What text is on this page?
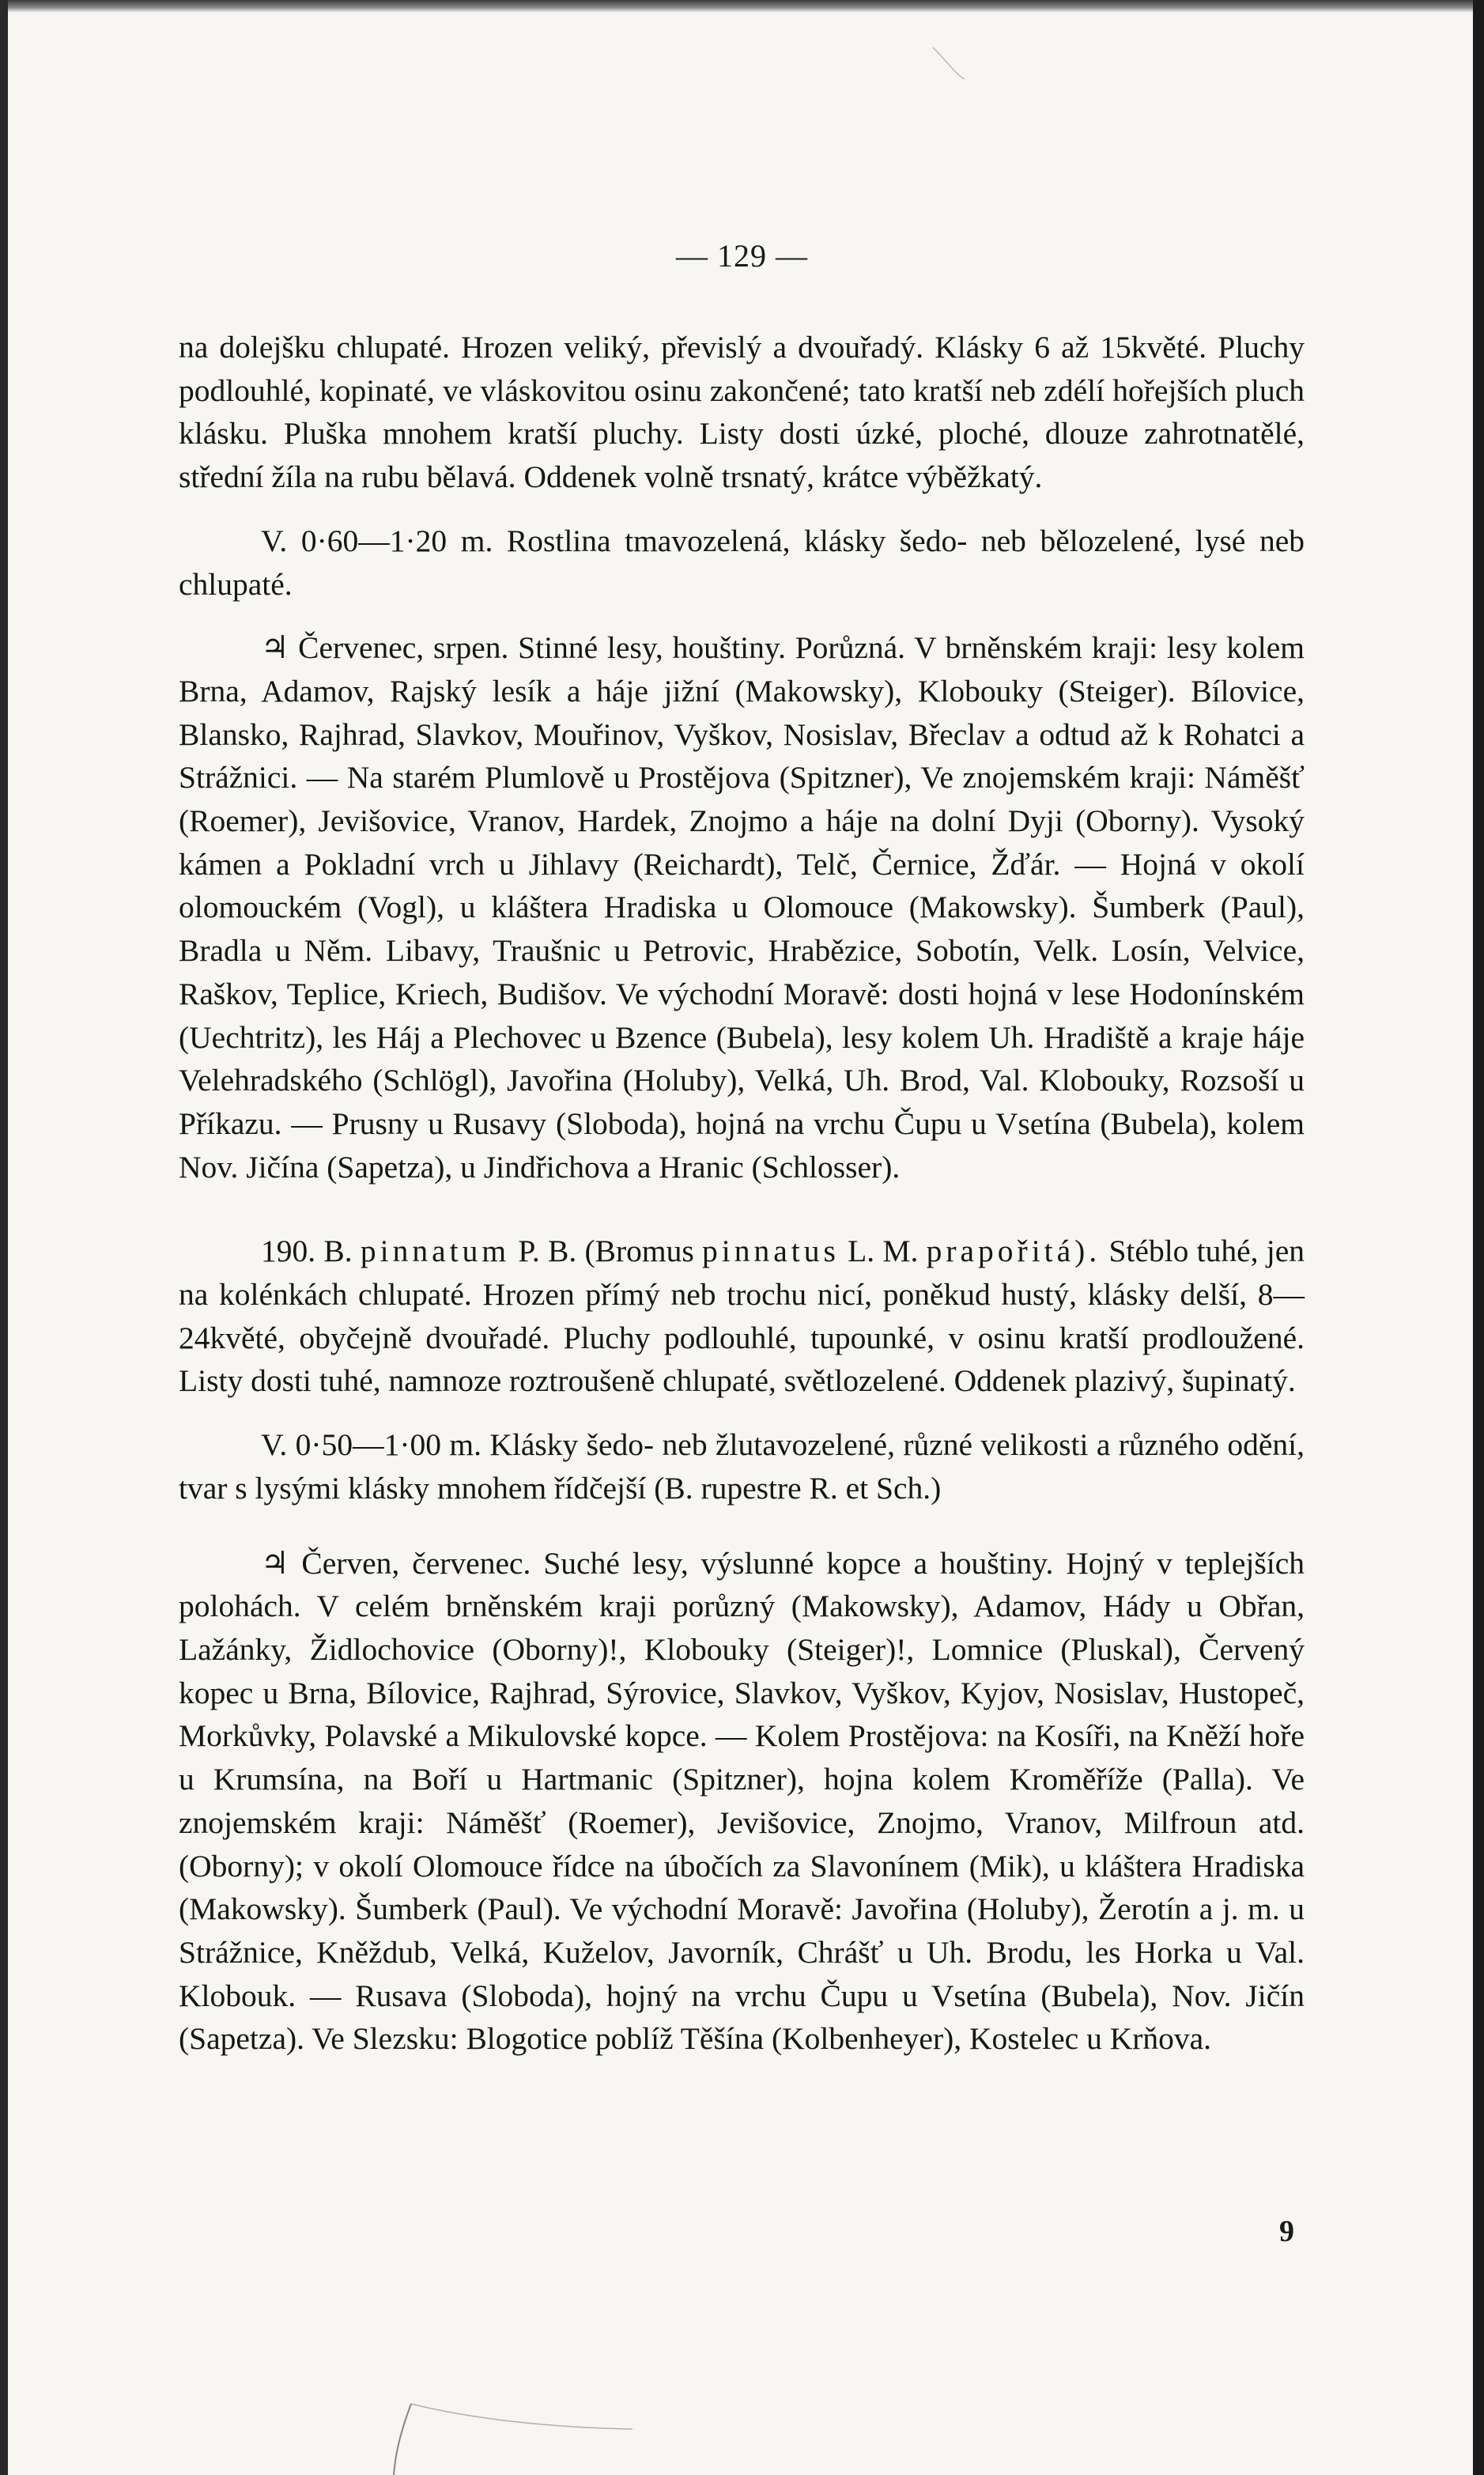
— 129 —

na dolejšku chlupaté. Hrozen veliký, převislý a dvouřadý. Klásky 6 až 15květé. Pluchy podlouhlé, kopinaté, ve vláskovitou osinu zakončené; tato kratší neb zdélí hořejších pluch klásku. Pluška mnohem kratší pluchy. Listy dosti úzké, ploché, dlouze zahrotnatělé, střední žíla na rubu bělavá. Oddenek volně trsnatý, krátce výběžkatý.

V. 0·60—1·20 m. Rostlina tmavozelená, klásky šedo- neb bělozelené, lysé neb chlupaté.

♃ Červenec, srpen. Stinné lesy, houštiny. Porůzná. V brněnském kraji: lesy kolem Brna, Adamov, Rajský lesík a háje jižní (Makowsky), Klobouky (Steiger). Bílovice, Blansko, Rajhrad, Slavkov, Mouřinov, Vyškov, Nosislav, Břeclav a odtud až k Rohatci a Strážnici. — Na starém Plumlově u Prostějova (Spitzner), Ve znojemském kraji: Náměšť (Roemer), Jevišovice, Vranov, Hardek, Znojmo a háje na dolní Dyji (Oborny). Vysoký kámen a Pokladní vrch u Jihlavy (Reichardt), Telč, Černice, Žďár. — Hojná v okolí olomouckém (Vogl), u kláštera Hradiska u Olomouce (Makowsky). Šumberk (Paul), Bradla u Něm. Libavy, Traušnic u Petrovic, Hrabězice, Sobotín, Velk. Losín, Velvice, Raškov, Teplice, Kriech, Budišov. Ve východní Moravě: dosti hojná v lese Hodonínském (Uechtritz), les Háj a Plechovec u Bzence (Bubela), lesy kolem Uh. Hradiště a kraje háje Velehradského (Schlögl), Javořina (Holuby), Velká, Uh. Brod, Val. Klobouky, Rozsoší u Příkazu. — Prusny u Rusavy (Sloboda), hojná na vrchu Čupu u Vsetína (Bubela), kolem Nov. Jičína (Sapetza), u Jindřichova a Hranic (Schlosser).

190. B. pinnatum P. B. (Bromus pinnatus L. M. prapořitá). Stéblo tuhé, jen na kolénkách chlupaté. Hrozen přímý neb trochu nicí, poněkud hustý, klásky delší, 8—24květé, obyčejně dvouřadé. Pluchy podlouhlé, tupounké, v osinu kratší prodloužené. Listy dosti tuhé, namnoze roztroušeně chlupaté, světlozelené. Oddenek plazivý, šupinatý.

V. 0·50—1·00 m. Klásky šedo- neb žlutavozelené, různé velikosti a různého odění, tvar s lysými klásky mnohem řídčejší (B. rupestre R. et Sch.)

♃ Červen, červenec. Suché lesy, výslunné kopce a houštiny. Hojný v teplejších polohách. V celém brněnském kraji porůzný (Makowsky), Adamov, Hády u Obřan, Lažánky, Židlochovice (Oborny)!, Klobouky (Steiger)!, Lomnice (Pluskal), Červený kopec u Brna, Bílovice, Rajhrad, Sýrovice, Slavkov, Vyškov, Kyjov, Nosislav, Hustopeč, Morkůvky, Polavské a Mikulovské kopce. — Kolem Prostějova: na Kosíři, na Kněží hoře u Krumsína, na Boří u Hartmanic (Spitzner), hojna kolem Kroměříže (Palla). Ve znojemském kraji: Náměšť (Roemer), Jevišovice, Znojmo, Vranov, Milfroun atd. (Oborny); v okolí Olomouce řídce na úbočích za Slavonínem (Mik), u kláštera Hradiska (Makowsky). Šumberk (Paul). Ve východní Moravě: Javořina (Holuby), Žerotín a j. m. u Strážnice, Kněždub, Velká, Kuželov, Javorník, Chrášť u Uh. Brodu, les Horka u Val. Klobouk. — Rusava (Sloboda), hojný na vrchu Čupu u Vsetína (Bubela), Nov. Jičín (Sapetza). Ve Slezsku: Blogotice poblíž Těšína (Kolbenheyer), Kostelec u Krňova.

9
